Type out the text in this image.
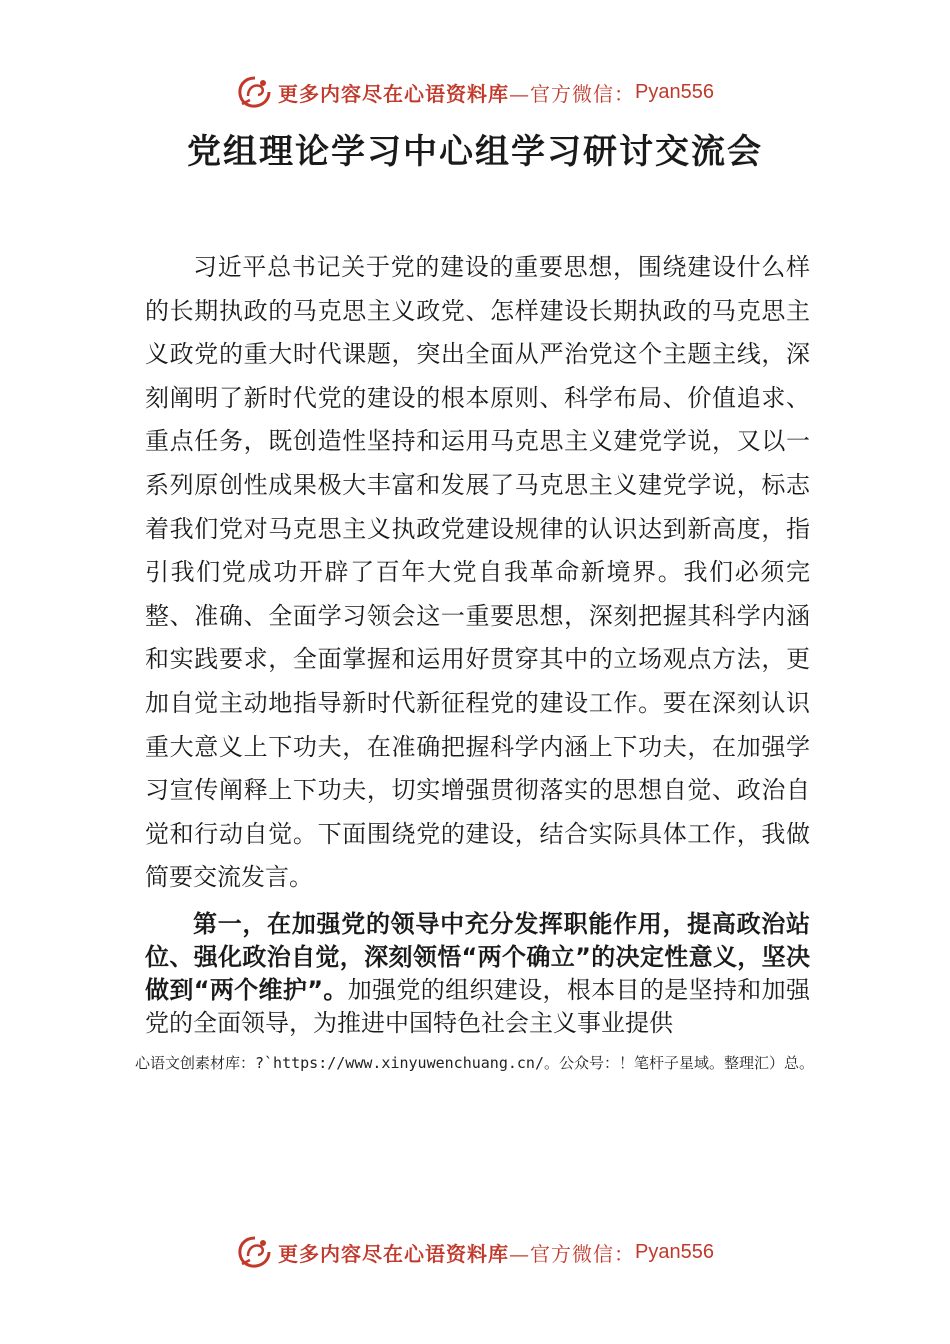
更多内容尽在心语资料库 —官方微信： Pyan556
党组理论学习中心组学习研讨交流会

习近平总书记关于党的建设的重要思想，围绕建设什么样的长期执政的马克思主义政党、怎样建设长期执政的马克思主义政党的重大时代课题，突出全面从严治党这个主题主线，深刻阐明了新时代党的建设的根本原则、科学布局、价值追求、重点任务，既创造性坚持和运用马克思主义建党学说，又以一系列原创性成果极大丰富和发展了马克思主义建党学说，标志着我们党对马克思主义执政党建设规律的认识达到新高度，指引我们党成功开辟了百年大党自我革命新境界。我们必须完整、准确、全面学习领会这一重要思想，深刻把握其科学内涵和实践要求，全面掌握和运用好贯穿其中的立场观点方法，更加自觉主动地指导新时代新征程党的建设工作。要在深刻认识重大意义上下功夫，在准确把握科学内涵上下功夫，在加强学习宣传阐释上下功夫，切实增强贯彻落实的思想自觉、政治自觉和行动自觉。下面围绕党的建设，结合实际具体工作，我做简要交流发言。

第一，在加强党的领导中充分发挥职能作用，提高政治站位、强化政治自觉，深刻领悟“两个确立”的决定性意义，坚决做到“两个维护”。加强党的组织建设，根本目的是坚持和加强党的全面领导，为推进中国特色社会主义事业提供

心语文创素材库：?`https://www.xinyuwenchuang.cn/。公众号：！笔杆子星域。整理汇）总。
更多内容尽在心语资料库 —官方微信： Pyan556
